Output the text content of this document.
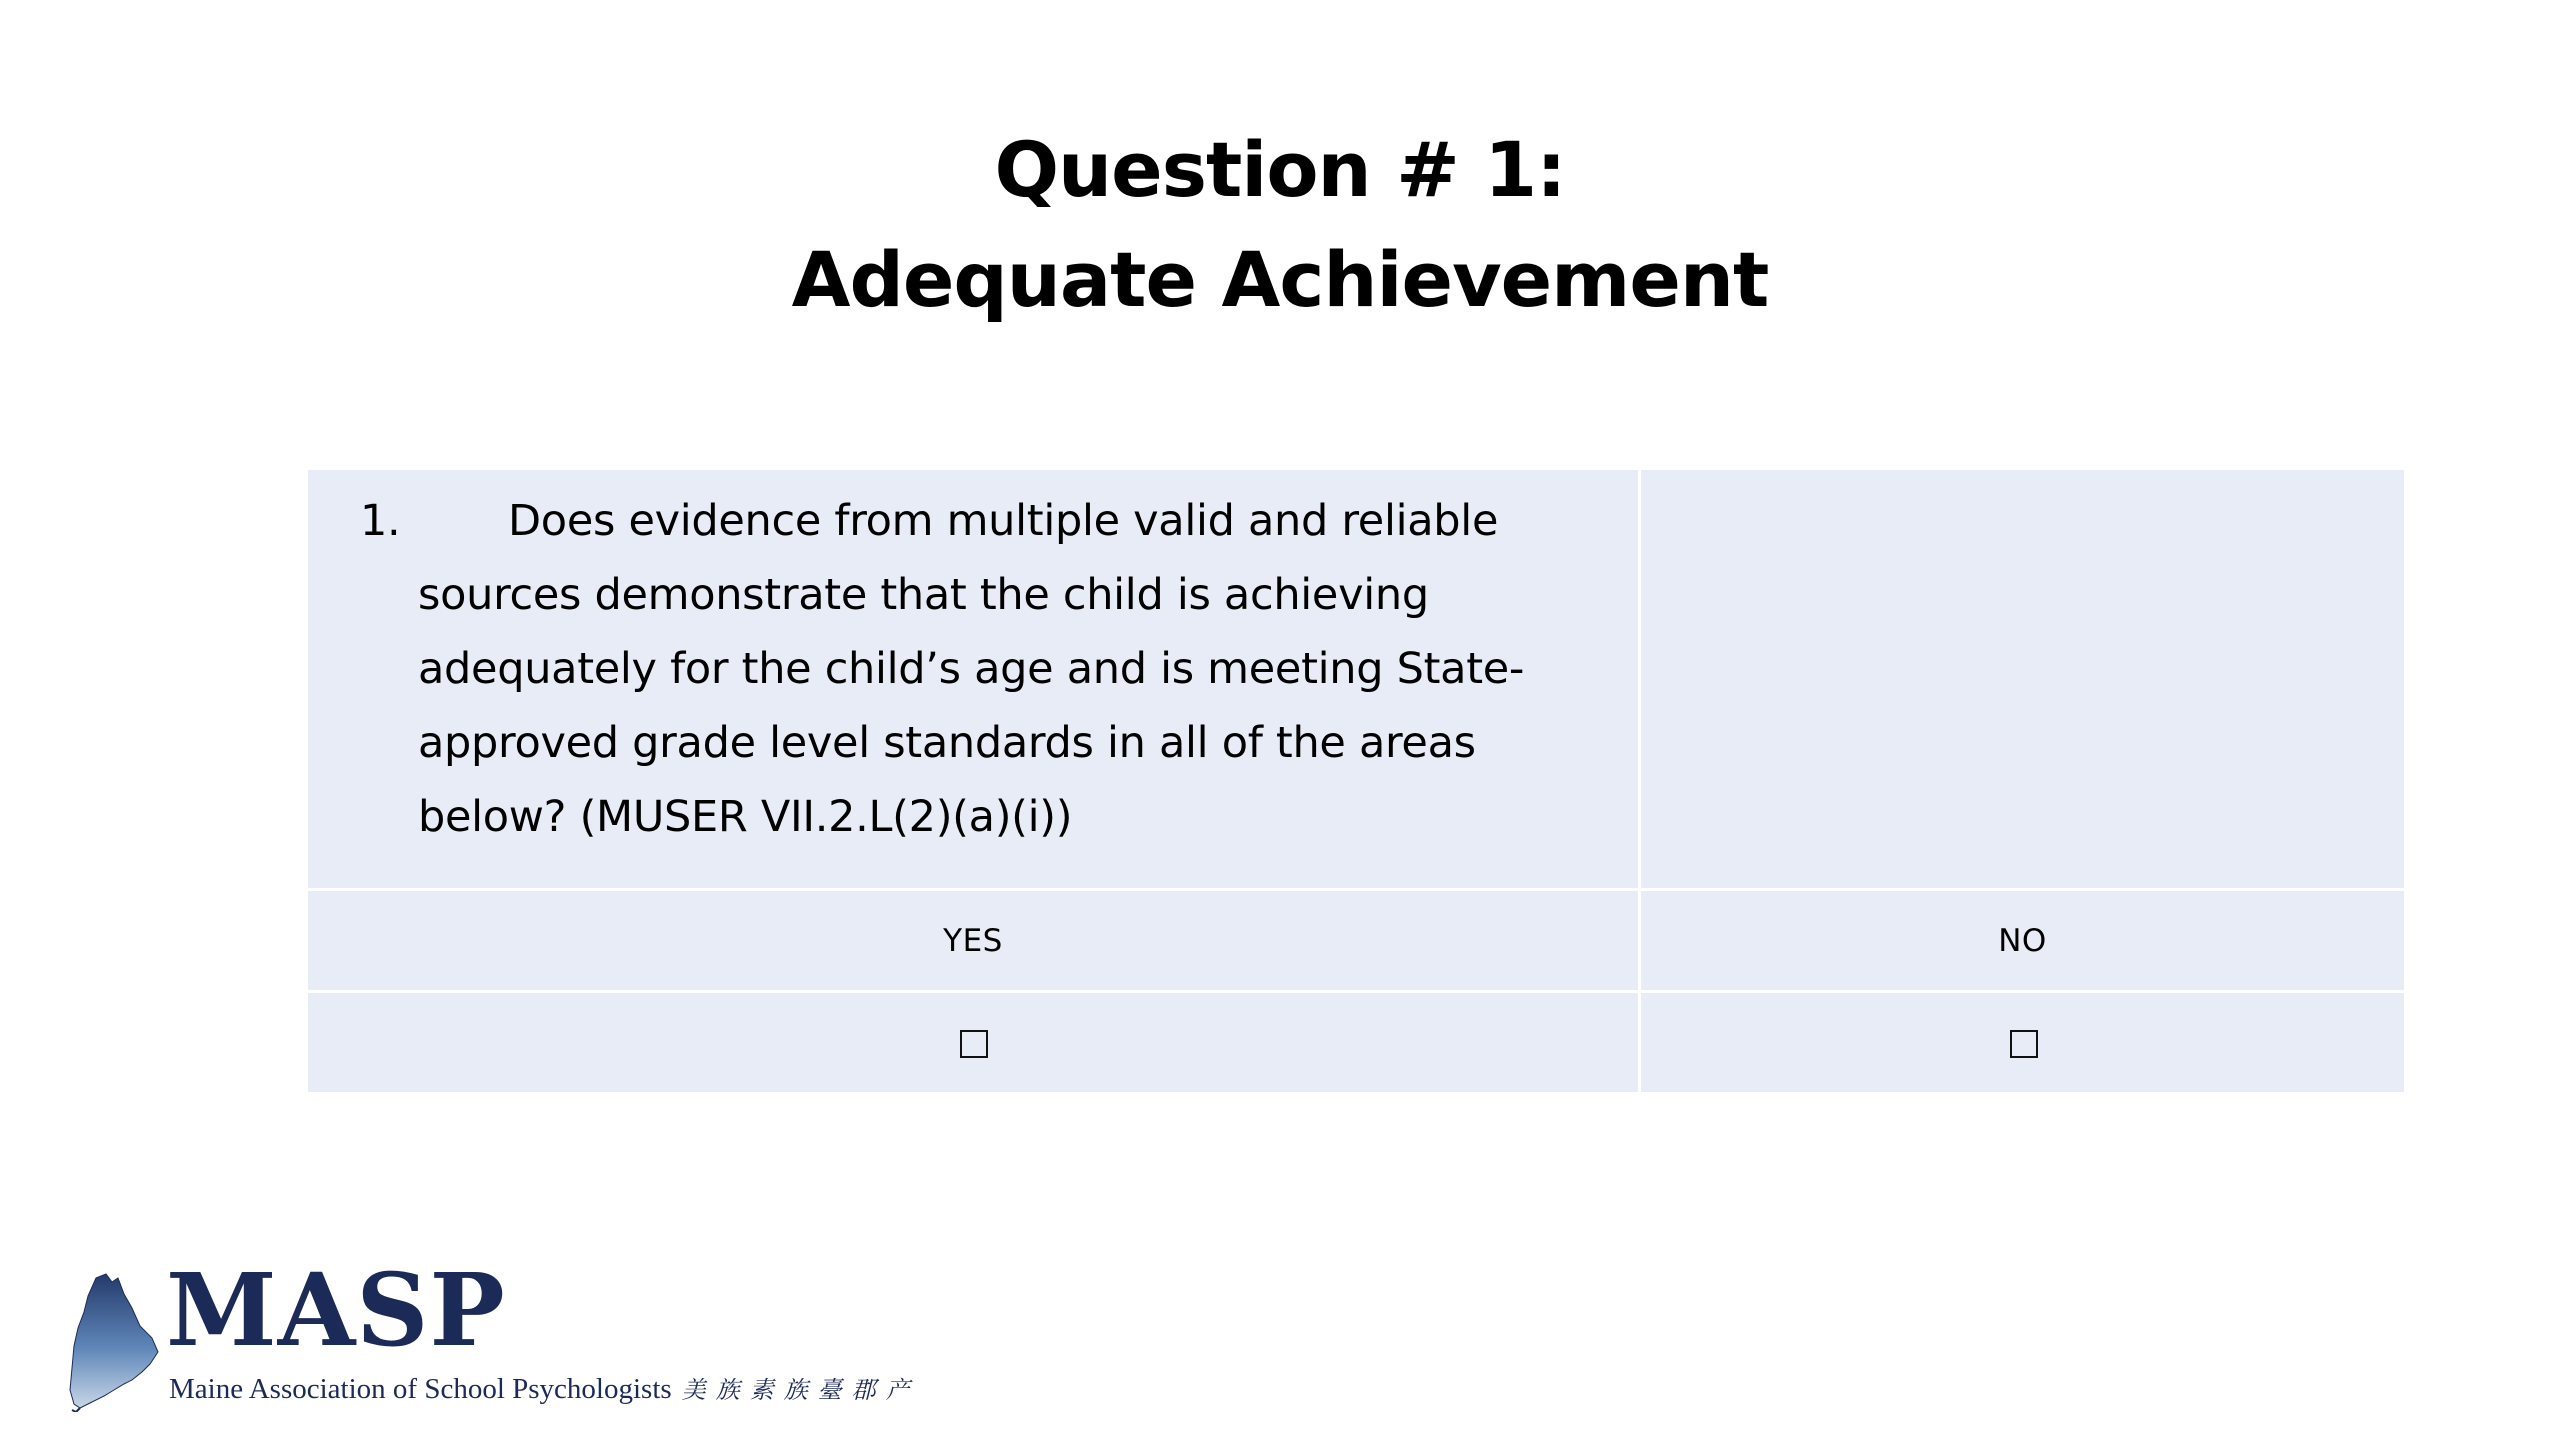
Question # 1:
Adequate Achievement
1.	Does evidence from multiple valid and reliable
sources demonstrate that the child is achieving
adequately for the child’s age and is meeting State-
approved grade level standards in all of the areas
below? (MUSER VII.2.L(2)(a)(i))
YES	NO
MASP
Maine Association of School Psychologists 美 族 素 族 臺 郡 产
